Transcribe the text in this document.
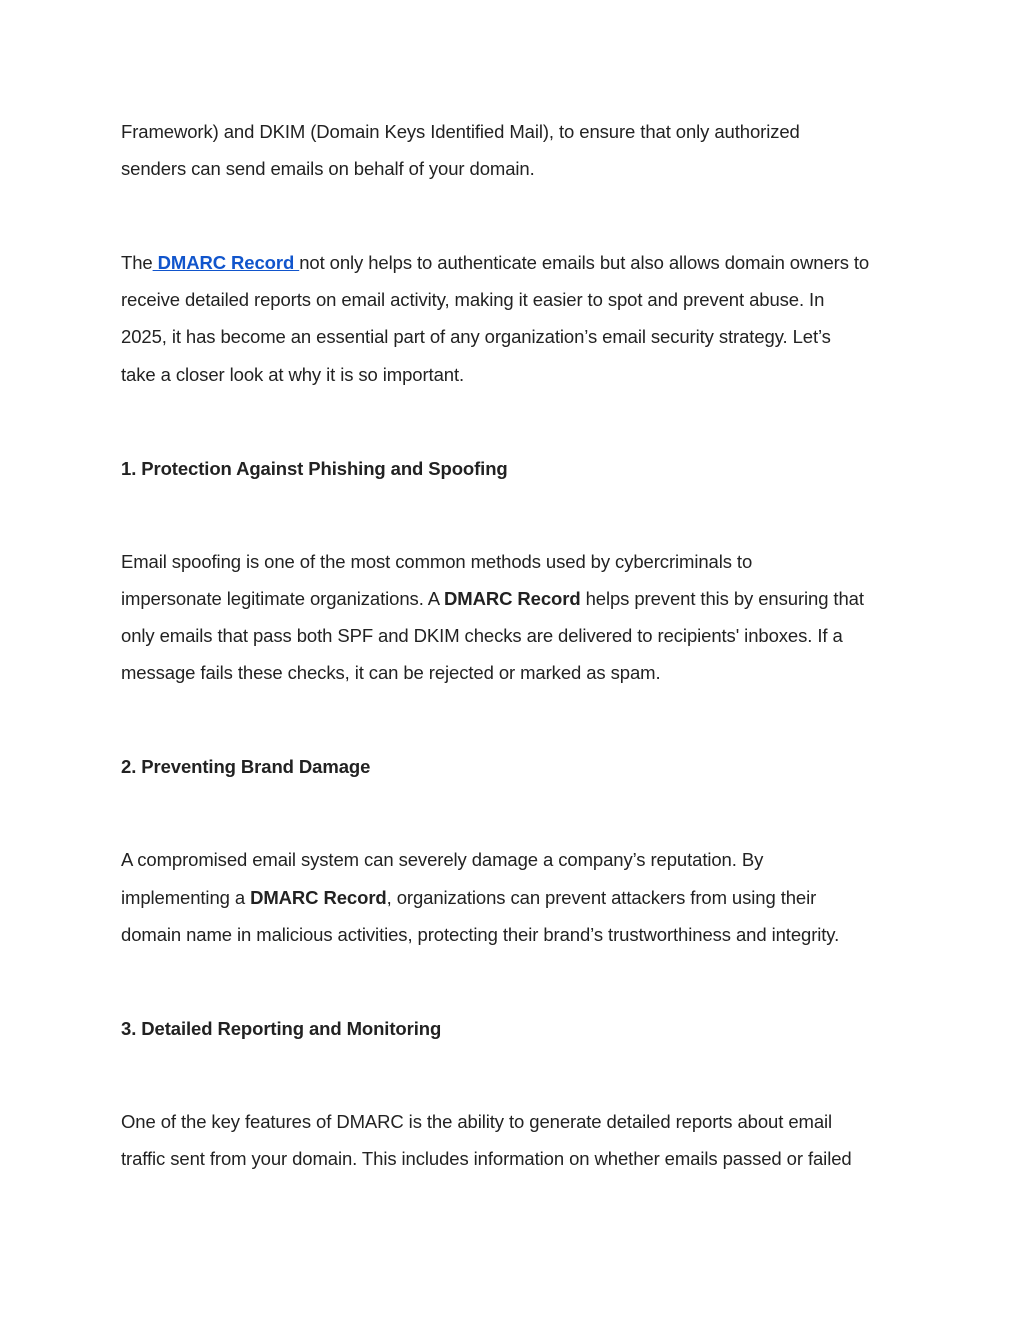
Framework) and DKIM (Domain Keys Identified Mail), to ensure that only authorized
senders can send emails on behalf of your domain.
The DMARC Record not only helps to authenticate emails but also allows domain owners to
receive detailed reports on email activity, making it easier to spot and prevent abuse. In
2025, it has become an essential part of any organization’s email security strategy. Let’s
take a closer look at why it is so important.
1. Protection Against Phishing and Spoofing
Email spoofing is one of the most common methods used by cybercriminals to
impersonate legitimate organizations. A DMARC Record helps prevent this by ensuring that
only emails that pass both SPF and DKIM checks are delivered to recipients' inboxes. If a
message fails these checks, it can be rejected or marked as spam.
2. Preventing Brand Damage
A compromised email system can severely damage a company’s reputation. By
implementing a DMARC Record, organizations can prevent attackers from using their
domain name in malicious activities, protecting their brand’s trustworthiness and integrity.
3. Detailed Reporting and Monitoring
One of the key features of DMARC is the ability to generate detailed reports about email
traffic sent from your domain. This includes information on whether emails passed or failed
